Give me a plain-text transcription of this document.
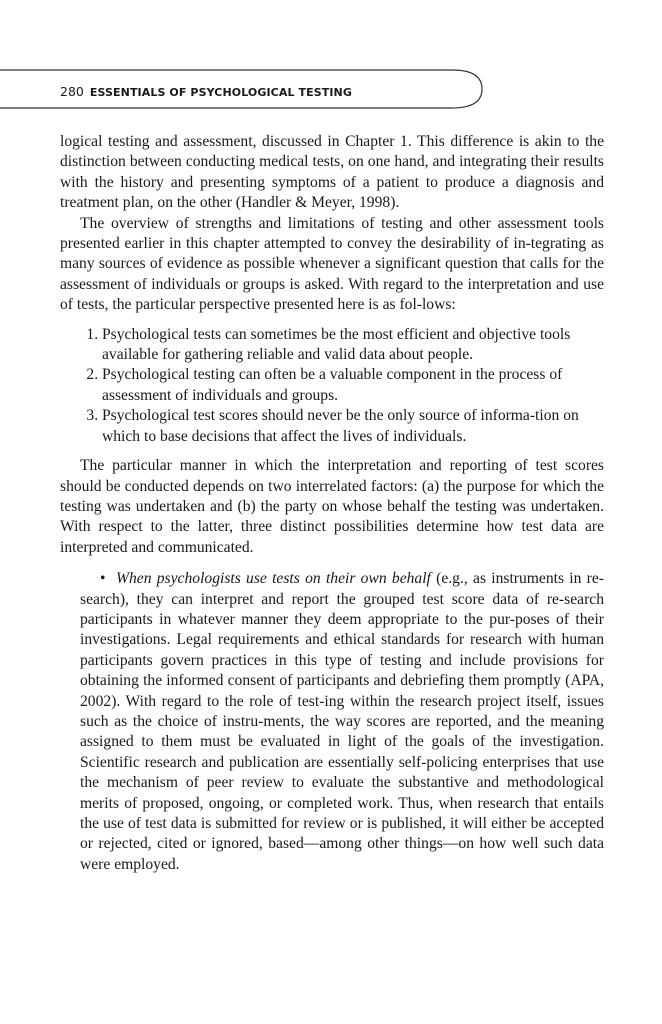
280 ESSENTIALS OF PSYCHOLOGICAL TESTING

logical testing and assessment, discussed in Chapter 1. This difference is akin to the distinction between conducting medical tests, on one hand, and integrating their results with the history and presenting symptoms of a patient to produce a diagnosis and treatment plan, on the other (Handler & Meyer, 1998).

The overview of strengths and limitations of testing and other assessment tools presented earlier in this chapter attempted to convey the desirability of in-tegrating as many sources of evidence as possible whenever a significant question that calls for the assessment of individuals or groups is asked. With regard to the interpretation and use of tests, the particular perspective presented here is as fol-lows:

1. Psychological tests can sometimes be the most efficient and objective tools available for gathering reliable and valid data about people.
2. Psychological testing can often be a valuable component in the process of assessment of individuals and groups.
3. Psychological test scores should never be the only source of informa-tion on which to base decisions that affect the lives of individuals.

The particular manner in which the interpretation and reporting of test scores should be conducted depends on two interrelated factors: (a) the purpose for which the testing was undertaken and (b) the party on whose behalf the testing was undertaken. With respect to the latter, three distinct possibilities determine how test data are interpreted and communicated.

• When psychologists use tests on their own behalf (e.g., as instruments in re-search), they can interpret and report the grouped test score data of re-search participants in whatever manner they deem appropriate to the pur-poses of their investigations. Legal requirements and ethical standards for research with human participants govern practices in this type of testing and include provisions for obtaining the informed consent of participants and debriefing them promptly (APA, 2002). With regard to the role of test-ing within the research project itself, issues such as the choice of instru-ments, the way scores are reported, and the meaning assigned to them must be evaluated in light of the goals of the investigation. Scientific research and publication are essentially self-policing enterprises that use the mechanism of peer review to evaluate the substantive and methodological merits of proposed, ongoing, or completed work. Thus, when research that entails the use of test data is submitted for review or is published, it will either be accepted or rejected, cited or ignored, based—among other things—on how well such data were employed.
